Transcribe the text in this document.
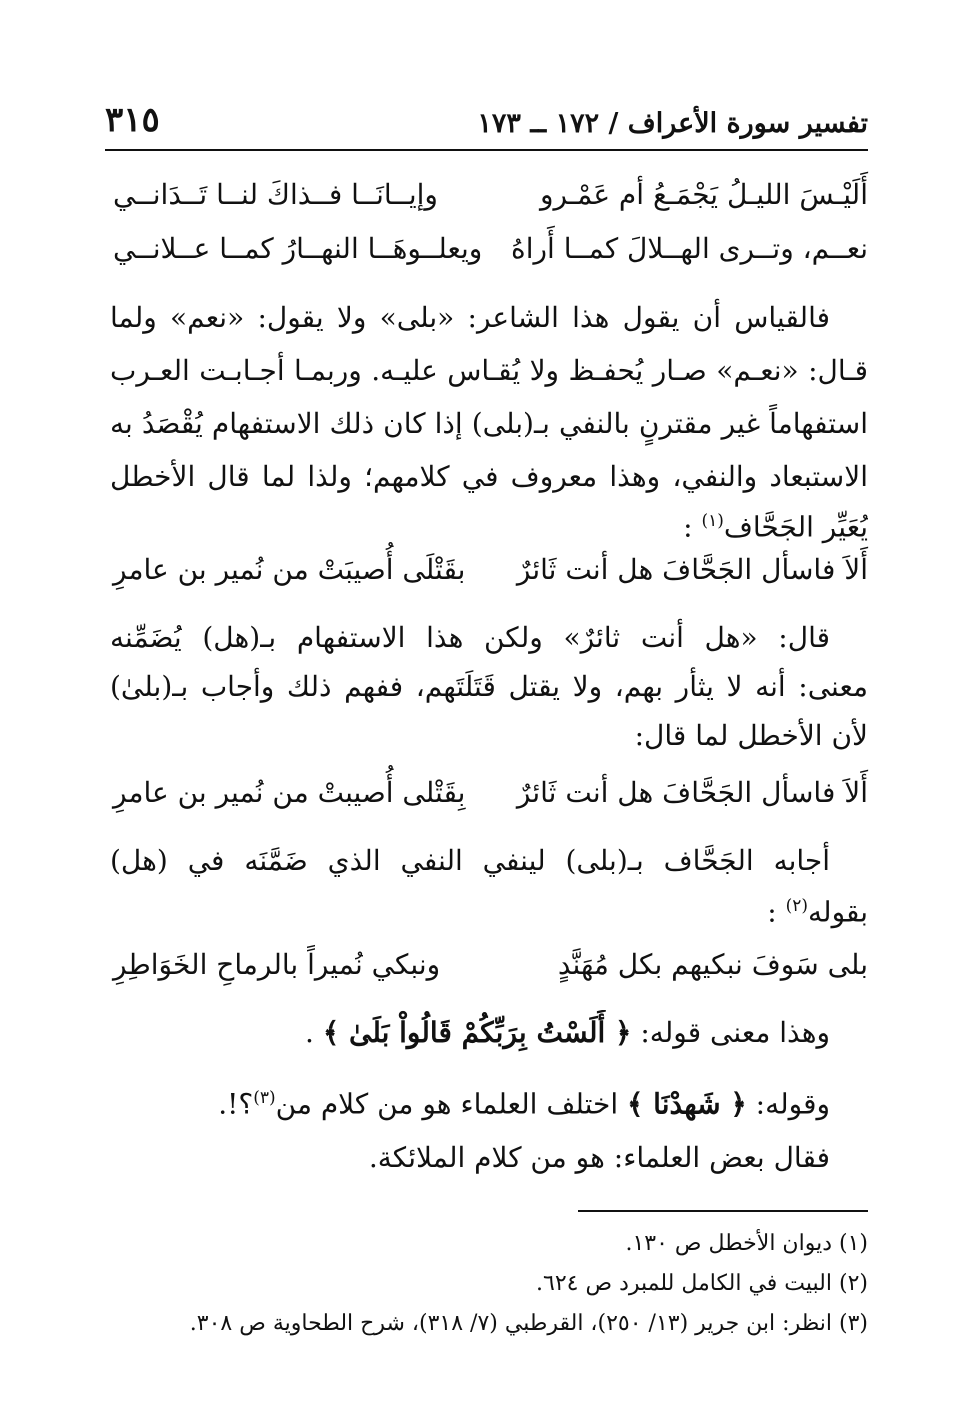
تفسير سورة الأعراف / ١٧٢ ــ ١٧٣
٣١٥
أَلَيْـسَ الليـلُ يَجْمَـعُ أم عَمْـرو
وإيــانَــا فــذاكَ لنــا تَــدَانــي
نعــم، وتــرى الهــلالَ كمــا أَراهُ
ويعلــوهَــا النهــارُ كمــا عــلانــي
فالقياس أن يقول هذا الشاعر: «بلى» ولا يقول: «نعم» ولما
قـال: «نعـم» صـار يُحفـظ ولا يُقـاس عليـه. وربمـا أجـابـت العـرب
استفهاماً غير مقترنٍ بالنفي بـ(بلى) إذا كان ذلك الاستفهام يُقْصَدُ به
الاستبعاد والنفي، وهذا معروف في كلامهم؛ ولذا لما قال الأخطل
يُعَيِّر الجَحَّاف$^{(١)}$ :
أَلاَ فاسأل الجَحَّافَ هل أنت ثَائرٌ
بقَتْلَى أُصيبَتْ من نُمير بن عامرِ
قال: «هل أنت ثائرٌ» ولكن هذا الاستفهام بـ(هل) يُضَمِّنه
معنى: أنه لا يثأر بهم، ولا يقتل قَتَلَتَهم، ففهم ذلك وأجاب بـ(بلىٰ)
لأن الأخطل لما قال:
أَلاَ فاسأل الجَحَّافَ هل أنت ثَائرٌ
بِقَتْلى أُصيبتْ من نُمير بن عامرِ
أجابه الجَحَّاف بـ(بلى) لينفي النفي الذي ضَمَّنَه في (هل)
بقوله$^{(٢)}$ :
بلى سَوفَ نبكيهم بكل مُهَنَّدٍ
ونبكي نُميراً بالرماحِ الخَوَاطِرِ
وهذا معنى قوله: ﴿ أَلَسْتُ بِرَبِّكُمْ قَالُواْ بَلَىٰ ﴾ .
وقوله: ﴿ شَهِدْنَا ﴾ اختلف العلماء هو من كلام من$^{(٣)}$؟!.
فقال بعض العلماء: هو من كلام الملائكة.
(١) ديوان الأخطل ص ١٣٠.
(٢) البيت في الكامل للمبرد ص ٦٢٤.
(٣) انظر: ابن جرير (١٣/ ٢٥٠)، القرطبي (٧/ ٣١٨)، شرح الطحاوية ص ٣٠٨.
